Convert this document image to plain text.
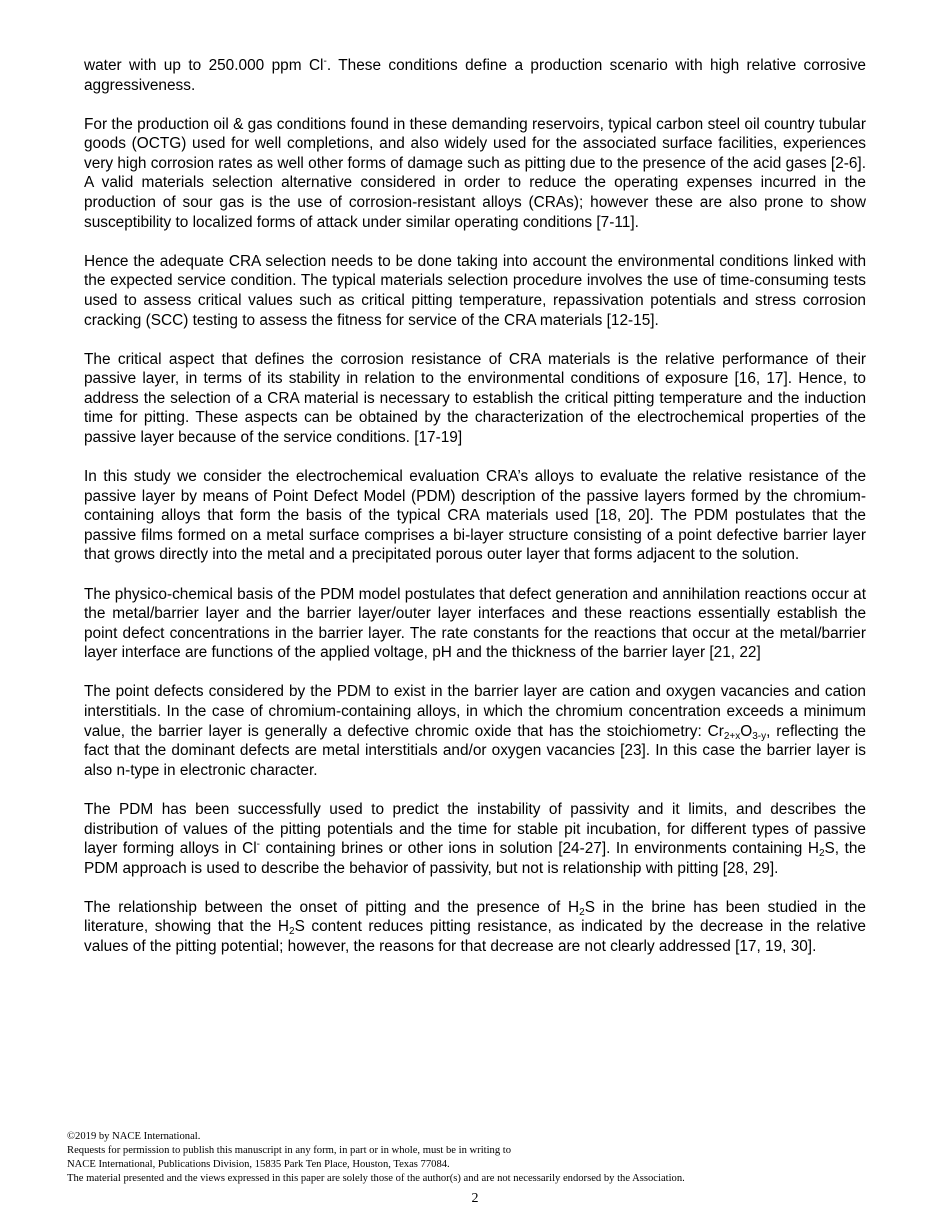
water with up to 250.000 ppm Cl-. These conditions define a production scenario with high relative corrosive aggressiveness.

For the production oil & gas conditions found in these demanding reservoirs, typical carbon steel oil country tubular goods (OCTG) used for well completions, and also widely used for the associated surface facilities, experiences very high corrosion rates as well other forms of damage such as pitting due to the presence of the acid gases [2-6]. A valid materials selection alternative considered in order to reduce the operating expenses incurred in the production of sour gas is the use of corrosion-resistant alloys (CRAs); however these are also prone to show susceptibility to localized forms of attack under similar operating conditions [7-11].

Hence the adequate CRA selection needs to be done taking into account the environmental conditions linked with the expected service condition. The typical materials selection procedure involves the use of time-consuming tests used to assess critical values such as critical pitting temperature, repassivation potentials and stress corrosion cracking (SCC) testing to assess the fitness for service of the CRA materials [12-15].

The critical aspect that defines the corrosion resistance of CRA materials is the relative performance of their passive layer, in terms of its stability in relation to the environmental conditions of exposure [16, 17]. Hence, to address the selection of a CRA material is necessary to establish the critical pitting temperature and the induction time for pitting. These aspects can be obtained by the characterization of the electrochemical properties of the passive layer because of the service conditions. [17-19]

In this study we consider the electrochemical evaluation CRA’s alloys to evaluate the relative resistance of the passive layer by means of Point Defect Model (PDM) description of the passive layers formed by the chromium-containing alloys that form the basis of the typical CRA materials used [18, 20]. The PDM postulates that the passive films formed on a metal surface comprises a bi-layer structure consisting of a point defective barrier layer that grows directly into the metal and a precipitated porous outer layer that forms adjacent to the solution.

The physico-chemical basis of the PDM model postulates that defect generation and annihilation reactions occur at the metal/barrier layer and the barrier layer/outer layer interfaces and these reactions essentially establish the point defect concentrations in the barrier layer. The rate constants for the reactions that occur at the metal/barrier layer interface are functions of the applied voltage, pH and the thickness of the barrier layer [21, 22]

The point defects considered by the PDM to exist in the barrier layer are cation and oxygen vacancies and cation interstitials. In the case of chromium-containing alloys, in which the chromium concentration exceeds a minimum value, the barrier layer is generally a defective chromic oxide that has the stoichiometry: $Cr_{2+x}O_{3-y}$, reflecting the fact that the dominant defects are metal interstitials and/or oxygen vacancies [23]. In this case the barrier layer is also n-type in electronic character.

The PDM has been successfully used to predict the instability of passivity and it limits, and describes the distribution of values of the pitting potentials and the time for stable pit incubation, for different types of passive layer forming alloys in Cl- containing brines or other ions in solution [24-27]. In environments containing $H_2S$, the PDM approach is used to describe the behavior of passivity, but not is relationship with pitting [28, 29].

The relationship between the onset of pitting and the presence of $H_2S$ in the brine has been studied in the literature, showing that the $H_2S$ content reduces pitting resistance, as indicated by the decrease in the relative values of the pitting potential; however, the reasons for that decrease are not clearly addressed [17, 19, 30].

©2019 by NACE International.
Requests for permission to publish this manuscript in any form, in part or in whole, must be in writing to
NACE International, Publications Division, 15835 Park Ten Place, Houston, Texas 77084.
The material presented and the views expressed in this paper are solely those of the author(s) and are not necessarily endorsed by the Association.
2
